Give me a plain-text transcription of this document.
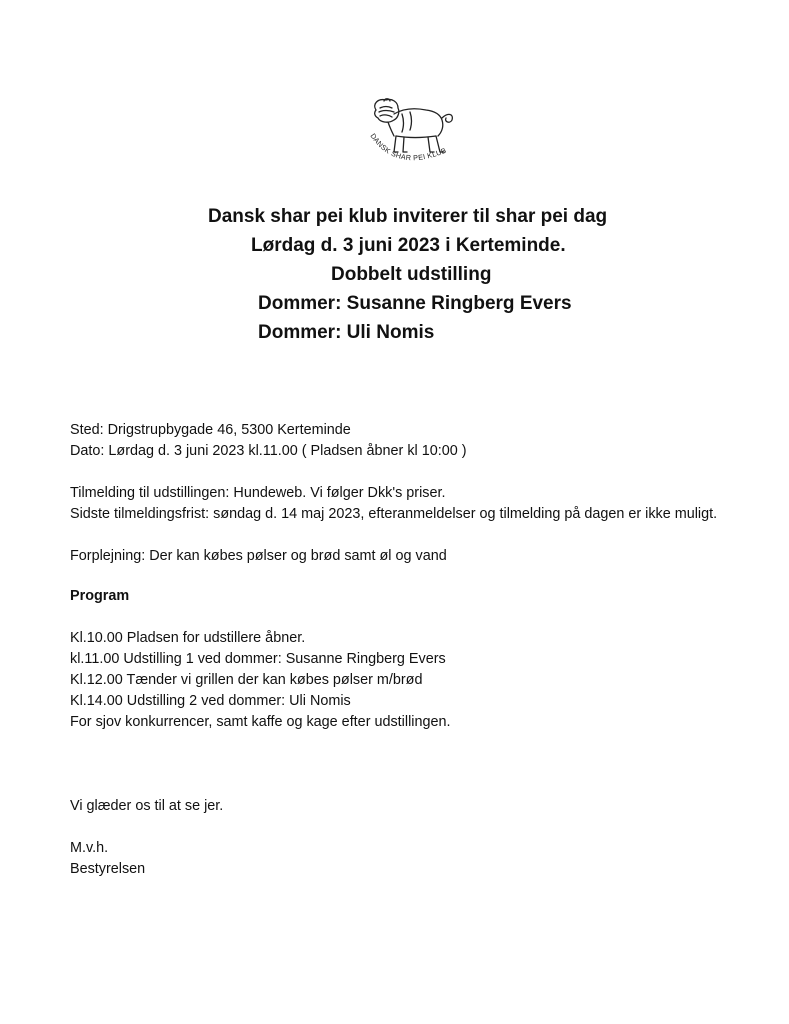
DANSK SHAR PEI KLUB
Dansk shar pei klub inviterer til shar pei dag
Lørdag d. 3 juni 2023 i Kerteminde.
Dobbelt udstilling
Dommer: Susanne Ringberg Evers
Dommer: Uli Nomis

Sted: Drigstrupbygade 46, 5300 Kerteminde

Dato: Lørdag d. 3 juni 2023 kl.11.00 ( Pladsen åbner kl 10:00 )

Tilmelding til udstillingen: Hundeweb. Vi følger Dkk's priser.

Sidste tilmeldingsfrist: søndag d. 14 maj 2023, efteranmeldelser og tilmelding på dagen er ikke muligt.

Forplejning: Der kan købes pølser og brød samt øl og vand

Program

Kl.10.00 Pladsen for udstillere åbner.

kl.11.00 Udstilling 1 ved dommer: Susanne Ringberg Evers

Kl.12.00 Tænder vi grillen der kan købes pølser m/brød

Kl.14.00 Udstilling 2 ved dommer: Uli Nomis

For sjov konkurrencer, samt kaffe og kage efter udstillingen.

Vi glæder os til at se jer.

M.v.h.

Bestyrelsen
